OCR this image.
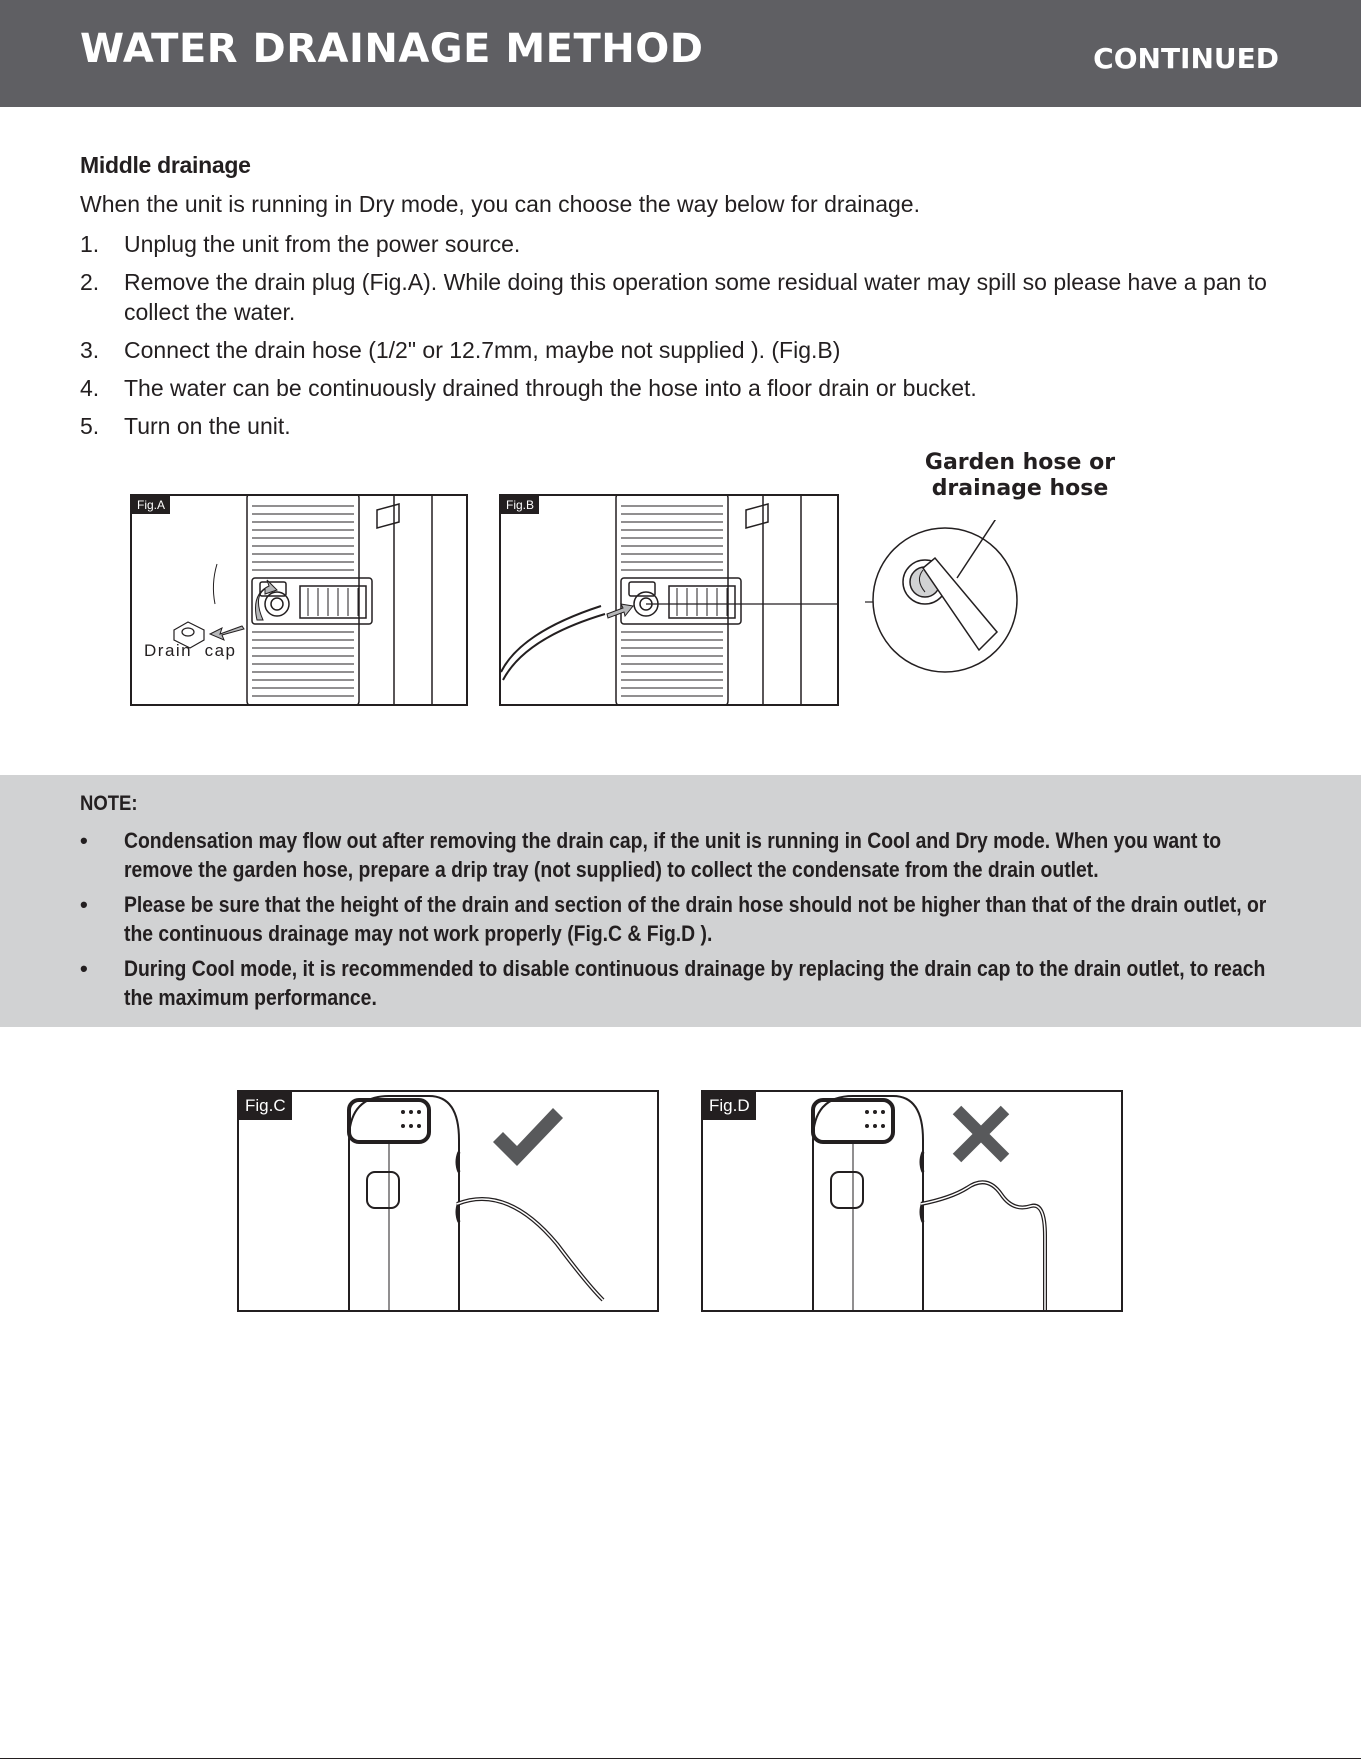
WATER DRAINAGE METHOD	CONTINUED
Middle drainage
When the unit is running in Dry mode, you can choose the way below for drainage.
1. Unplug the unit from the power source.
2. Remove the drain plug (Fig.A). While doing this operation some residual water may spill so please have a pan to collect the water.
3. Connect the drain hose (1/2" or 12.7mm, maybe not supplied ). (Fig.B)
4. The water can be continuously drained through the hose into a floor drain or bucket.
5. Turn on the unit.
Fig.A
Drain  cap
Fig.B
Garden hose or
drainage hose
NOTE:
• Condensation may flow out after removing the drain cap, if the unit is running in Cool and Dry mode. When you want to remove the garden hose, prepare a drip tray (not supplied) to collect the condensate from the drain outlet.
• Please be sure that the height of the drain and section of the drain hose should not be higher than that of the drain outlet, or the continuous drainage may not work properly (Fig.C & Fig.D ).
• During Cool mode, it is recommended to disable continuous drainage by replacing the drain cap to the drain outlet, to reach the maximum performance.
Fig.C	Fig.D
